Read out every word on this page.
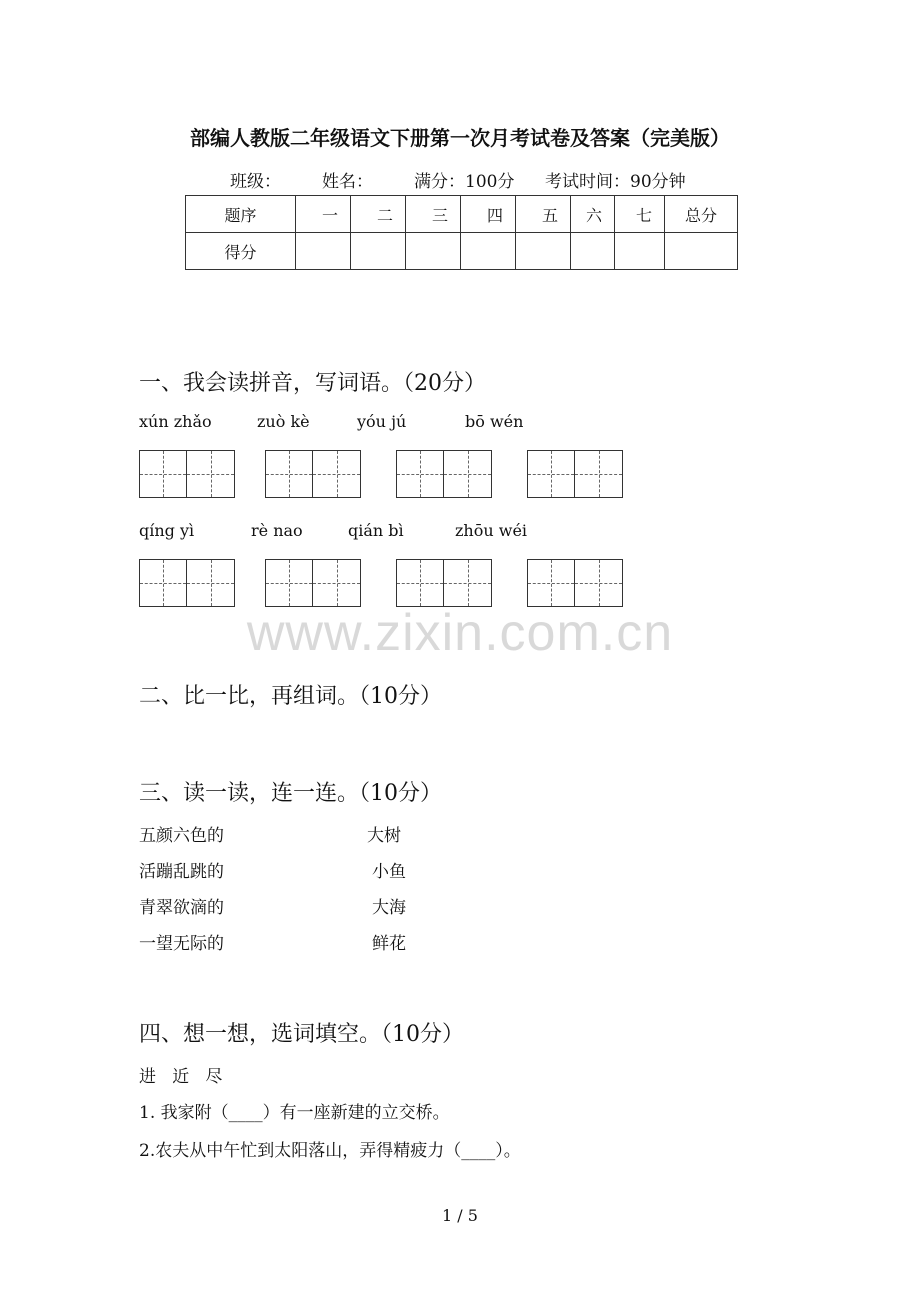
部编人教版二年级语文下册第一次月考试卷及答案（完美版）
班级： 姓名： 满分：100分 考试时间：90分钟
题序	一	二	三	四	五	六	七	总分
得分								
一、我会读拼音，写词语。（20分）
xún zhǎo	zuò kè	yóu jú	bō wén
qíng yì	rè nao	qián bì	zhōu wéi
www.zixin.com.cn
二、比一比，再组词。（10分）
三、读一读，连一连。（10分）
五颜六色的
活蹦乱跳的
青翠欲滴的
一望无际的
大树
小鱼
大海
鲜花
四、想一想，选词填空。（10分）
进   近   尽
1. 我家附（____）有一座新建的立交桥。
2.农夫从中午忙到太阳落山，弄得精疲力（____）。
1 / 5
